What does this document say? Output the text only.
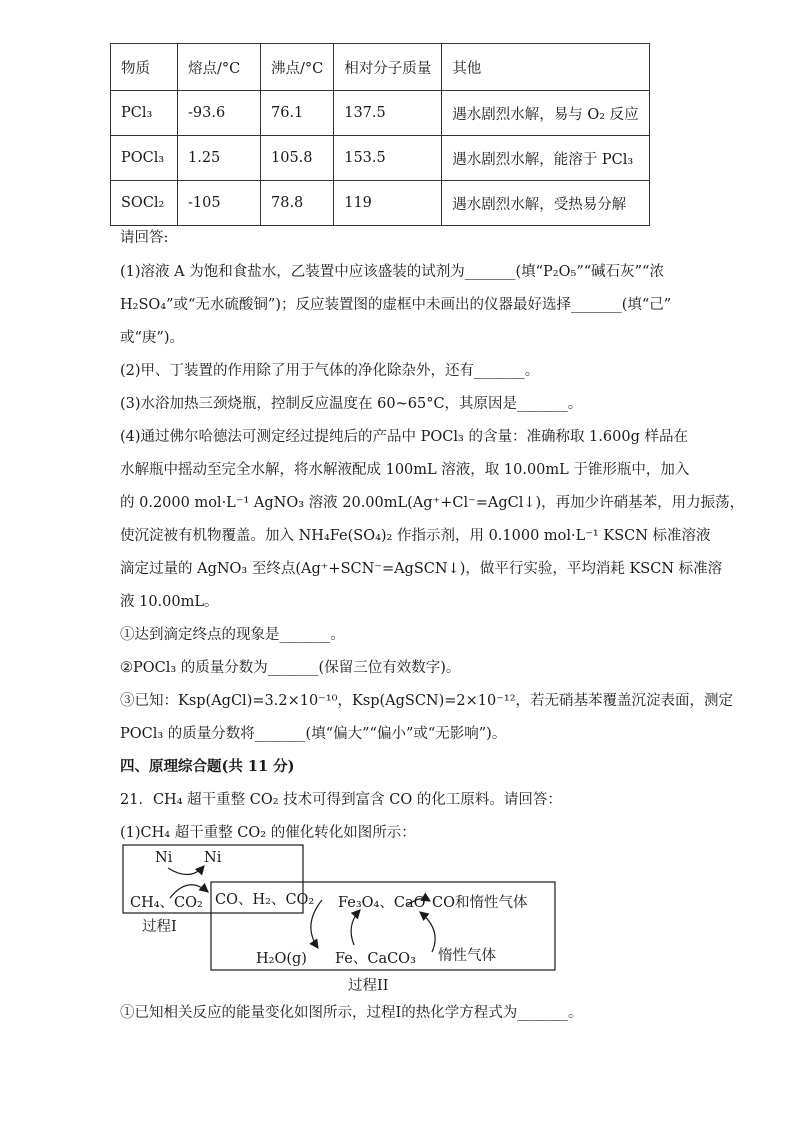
物质	熔点/°C	沸点/°C	相对分子质量	其他
PCl₃	-93.6	76.1	137.5	遇水剧烈水解，易与 O₂ 反应
POCl₃	1.25	105.8	153.5	遇水剧烈水解，能溶于 PCl₃
SOCl₂	-105	78.8	119	遇水剧烈水解，受热易分解
请回答:
(1)溶液 A 为饱和食盐水，乙装置中应该盛装的试剂为_______(填“P₂O₅”“碱石灰”“浓
H₂SO₄”或“无水硫酸铜”)；反应装置图的虚框中未画出的仪器最好选择_______(填“己”
或“庚”)。
(2)甲、丁装置的作用除了用于气体的净化除杂外，还有_______。
(3)水浴加热三颈烧瓶，控制反应温度在 60~65°C，其原因是_______。
(4)通过佛尔哈德法可测定经过提纯后的产品中 POCl₃ 的含量：准确称取 1.600g 样品在
水解瓶中摇动至完全水解，将水解液配成 100mL 溶液，取 10.00mL 于锥形瓶中，加入
的 0.2000 mol·L⁻¹ AgNO₃ 溶液 20.00mL(Ag⁺+Cl⁻=AgCl↓)，再加少许硝基苯，用力振荡，
使沉淀被有机物覆盖。加入 NH₄Fe(SO₄)₂ 作指示剂，用 0.1000 mol·L⁻¹ KSCN 标准溶液
滴定过量的 AgNO₃ 至终点(Ag⁺+SCN⁻=AgSCN↓)，做平行实验，平均消耗 KSCN 标准溶
液 10.00mL。
①达到滴定终点的现象是_______。
②POCl₃ 的质量分数为_______(保留三位有效数字)。
③已知：Ksp(AgCl)=3.2×10⁻¹⁰，Ksp(AgSCN)=2×10⁻¹²，若无硝基苯覆盖沉淀表面，测定
POCl₃ 的质量分数将_______(填“偏大”“偏小”或“无影响”)。
四、原理综合题(共 11 分)
21．CH₄ 超干重整 CO₂ 技术可得到富含 CO 的化工原料。请回答：
(1)CH₄ 超干重整 CO₂ 的催化转化如图所示：
Ni Ni
CH₄、CO₂ CO、H₂、CO₂ Fe₃O₄、CaO CO和惰性气体
H₂O(g) Fe、CaCO₃ 惰性气体
过程I
过程II
①已知相关反应的能量变化如图所示，过程Ⅰ的热化学方程式为_______。
